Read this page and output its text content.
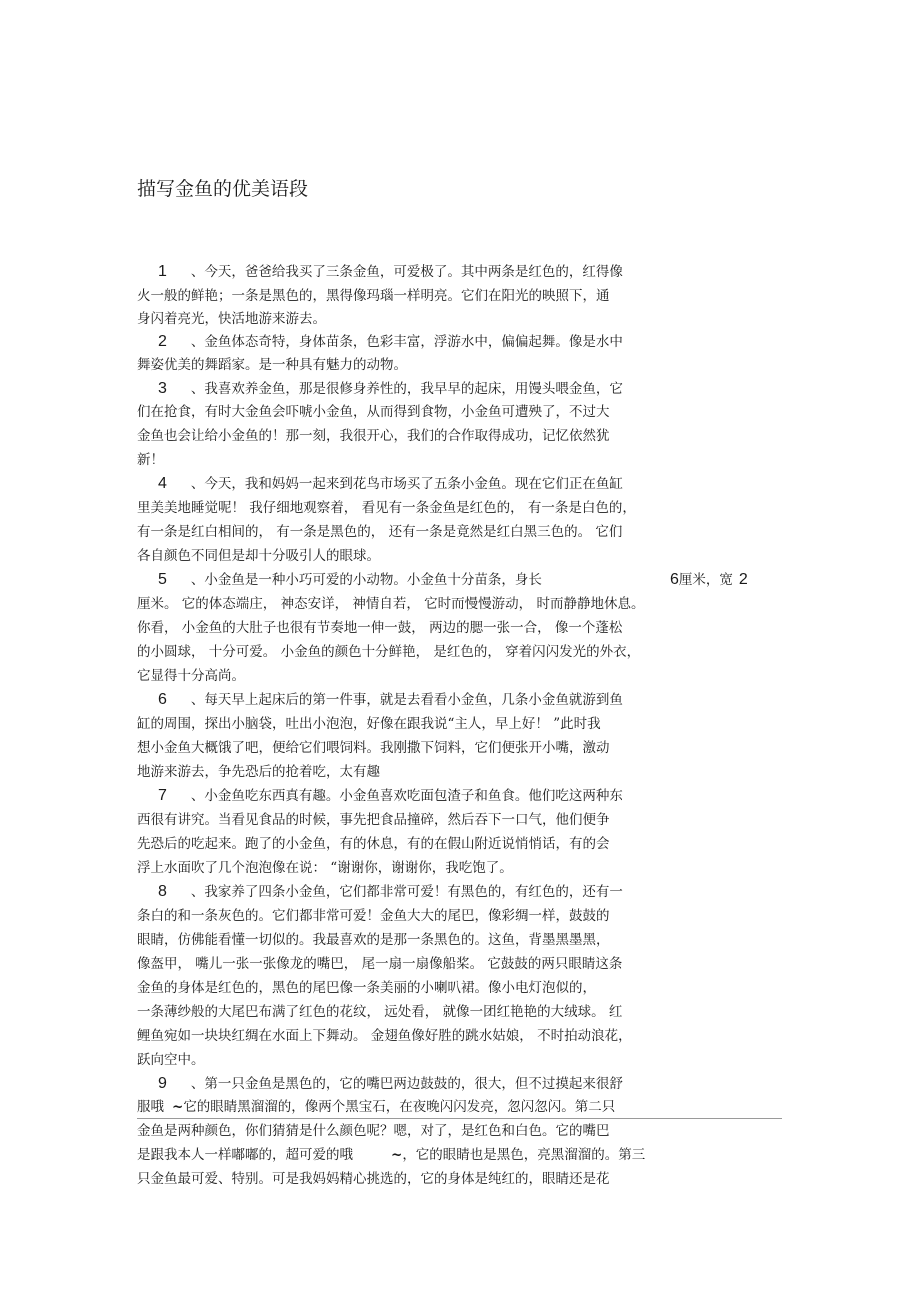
描写金鱼的优美语段
1 、今天，爸爸给我买了三条金鱼，可爱极了。其中两条是红色的，红得像
火一般的鲜艳；一条是黑色的，黑得像玛瑙一样明亮。它们在阳光的映照下，通
身闪着亮光，快活地游来游去。
2 、金鱼体态奇特，身体苗条，色彩丰富，浮游水中，偏偏起舞。像是水中
舞姿优美的舞蹈家。是一种具有魅力的动物。
3 、我喜欢养金鱼，那是很修身养性的，我早早的起床，用馒头喂金鱼，它
们在抢食，有时大金鱼会吓唬小金鱼，从而得到食物，小金鱼可遭殃了，不过大
金鱼也会让给小金鱼的！那一刻，我很开心，我们的合作取得成功，记忆依然犹
新！
4 、今天，我和妈妈一起来到花鸟市场买了五条小金鱼。现在它们正在鱼缸
里美美地睡觉呢！ 我仔细地观察着， 看见有一条金鱼是红色的， 有一条是白色的，
有一条是红白相间的， 有一条是黑色的， 还有一条是竟然是红白黑三色的。 它们
各自颜色不同但是却十分吸引人的眼球。
5 、小金鱼是一种小巧可爱的小动物。小金鱼十分苗条，身长	6厘米，宽 2
厘米。 它的体态端庄， 神态安详， 神情自若， 它时而慢慢游动， 时而静静地休息。
你看， 小金鱼的大肚子也很有节奏地一伸一鼓， 两边的腮一张一合， 像一个蓬松
的小圆球， 十分可爱。 小金鱼的颜色十分鲜艳， 是红色的， 穿着闪闪发光的外衣，
它显得十分高尚。
6 、每天早上起床后的第一件事，就是去看看小金鱼，几条小金鱼就游到鱼
缸的周围，探出小脑袋，吐出小泡泡，好像在跟我说“主人，早上好！ ”此时我
想小金鱼大概饿了吧，便给它们喂饲料。我刚撒下饲料，它们便张开小嘴，激动
地游来游去，争先恐后的抢着吃，太有趣
7 、小金鱼吃东西真有趣。小金鱼喜欢吃面包渣子和鱼食。他们吃这两种东
西很有讲究。当看见食品的时候，事先把食品撞碎，然后吞下一口气，他们便争
先恐后的吃起来。跑了的小金鱼，有的休息，有的在假山附近说悄悄话，有的会
浮上水面吹了几个泡泡像在说： “谢谢你，谢谢你，我吃饱了。
8 、我家养了四条小金鱼，它们都非常可爱！有黑色的，有红色的，还有一
条白的和一条灰色的。它们都非常可爱！金鱼大大的尾巴，像彩绸一样，鼓鼓的
眼睛，仿佛能看懂一切似的。我最喜欢的是那一条黑色的。这鱼，背墨黑墨黑，
像盔甲， 嘴儿一张一张像龙的嘴巴， 尾一扇一扇像船桨。 它鼓鼓的两只眼睛这条
金鱼的身体是红色的，黑色的尾巴像一条美丽的小喇叭裙。像小电灯泡似的，
一条薄纱般的大尾巴布满了红色的花纹， 远处看， 就像一团红艳艳的大绒球。 红
鲤鱼宛如一块块红绸在水面上下舞动。 金翅鱼像好胜的跳水姑娘， 不时拍动浪花，
跃向空中。
9 、第一只金鱼是黑色的，它的嘴巴两边鼓鼓的，很大，但不过摸起来很舒
服哦 ~它的眼睛黑溜溜的，像两个黑宝石，在夜晚闪闪发亮，忽闪忽闪。第二只
金鱼是两种颜色，你们猜猜是什么颜色呢？嗯，对了，是红色和白色。它的嘴巴
是跟我本人一样嘟嘟的，超可爱的哦	~，它的眼睛也是黑色，亮黑溜溜的。第三
只金鱼最可爱、特别。可是我妈妈精心挑选的，它的身体是纯红的，眼睛还是花
